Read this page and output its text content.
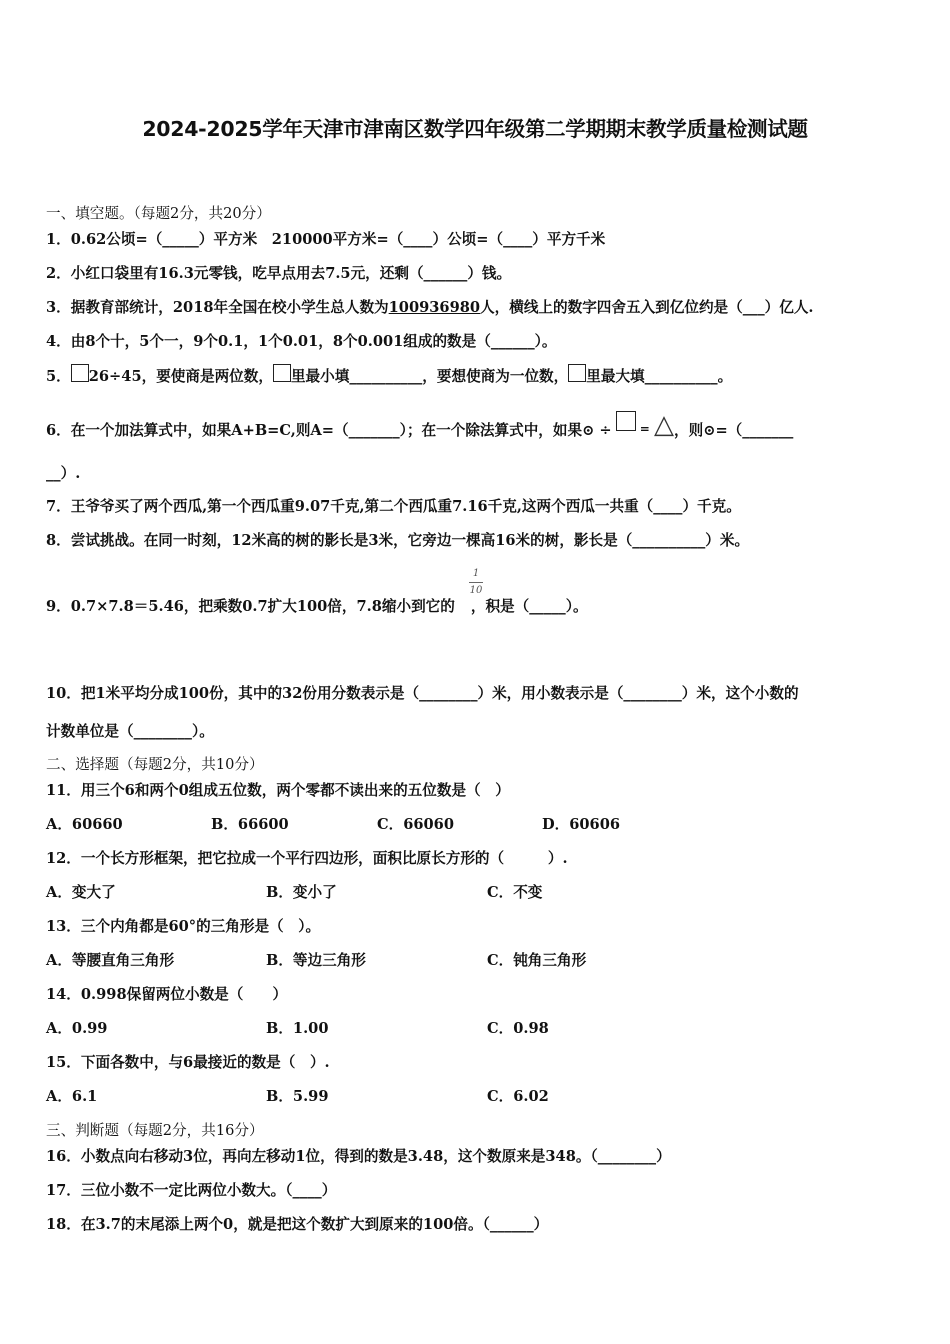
2024-2025学年天津市津南区数学四年级第二学期期末教学质量检测试题
一、填空题。（每题2分，共20分）
1．0.62公顷=（_____）平方米　210000平方米=（____）公顷=（____）平方千米
2．小红口袋里有16.3元零钱，吃早点用去7.5元，还剩（______）钱。
3．据教育部统计，2018年全国在校小学生总人数为100936980人，横线上的数字四舍五入到亿位约是（___）亿人.
4．由8个十，5个一，9个0.1，1个0.01，8个0.001组成的数是（______）。
5． 26÷45，要使商是两位数， 里最小填__________，要想使商为一位数， 里最大填__________。
6．在一个加法算式中，如果A+B=C,则A=（_______）；在一个除法算式中，如果⊙ ÷ = △，则⊙=（_______
__）.
7．王爷爷买了两个西瓜,第一个西瓜重9.07千克,第二个西瓜重7.16千克,这两个西瓜一共重（____）千克。
8．尝试挑战。在同一时刻，12米高的树的影长是3米，它旁边一棵高16米的树，影长是（__________）米。
9．0.7×7.8＝5.46，把乘数0.7扩大100倍，7.8缩小到它的 ，积是（_____）。
1
10
10．把1米平均分成100份，其中的32份用分数表示是（________）米，用小数表示是（________）米，这个小数的
计数单位是（________）。
二、选择题（每题2分，共10分）
11．用三个6和两个0组成五位数，两个零都不读出来的五位数是（　）
A．60660	B．66600	C．66060	D．60606
12．一个长方形框架，把它拉成一个平行四边形，面积比原长方形的（　　　）.
A．变大了	B．变小了	C．不变
13．三个内角都是60°的三角形是（　）。
A．等腰直角三角形	B．等边三角形	C．钝角三角形
14．0.998保留两位小数是（　　）
A．0.99	B．1.00	C．0.98
15．下面各数中，与6最接近的数是（　）.
A．6.1	B．5.99	C．6.02
三、判断题（每题2分，共16分）
16．小数点向右移动3位，再向左移动1位，得到的数是3.48，这个数原来是348。（________）
17．三位小数不一定比两位小数大。（____）
18．在3.7的末尾添上两个0，就是把这个数扩大到原来的100倍。（______）
